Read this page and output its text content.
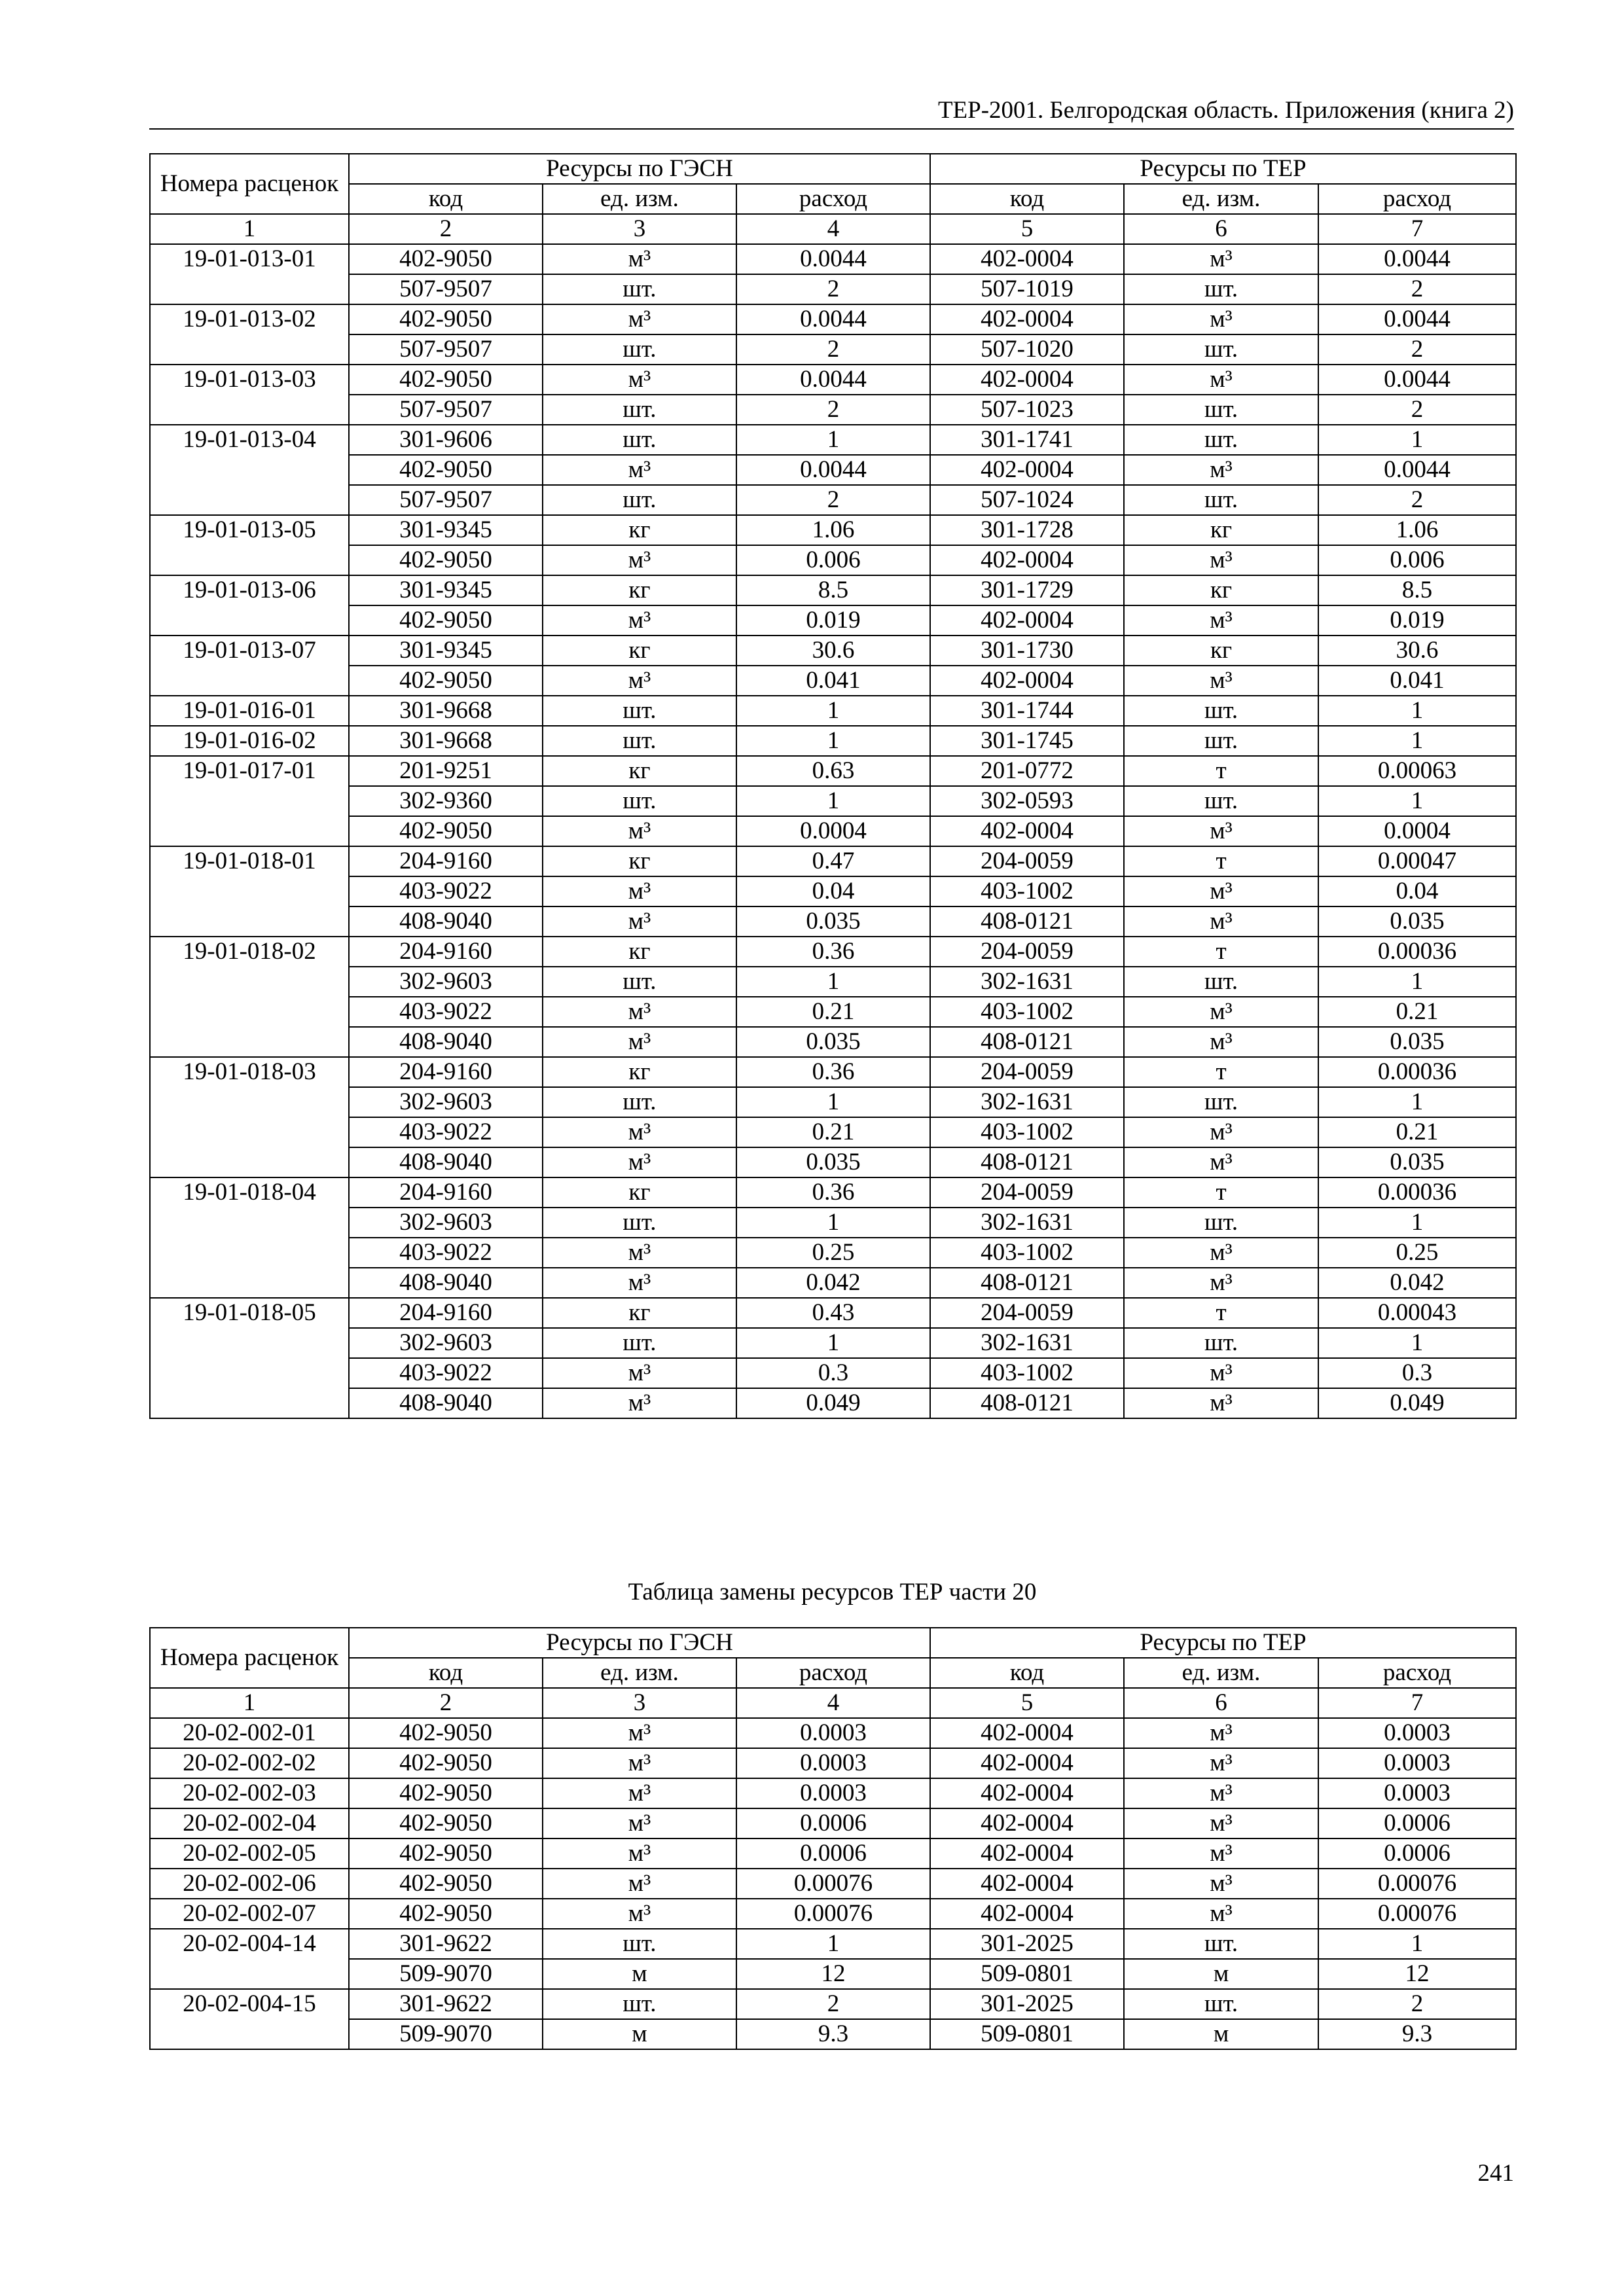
ТЕР-2001. Белгородская область. Приложения (книга 2)
Номера расценок	Ресурсы по ГЭСН			Ресурсы по ТЕР		
	код	ед. изм.	расход	код	ед. изм.	расход
1	2	3	4	5	6	7
19-01-013-01	402-9050	м³	0.0044	402-0004	м³	0.0044
	507-9507	шт.	2	507-1019	шт.	2
19-01-013-02	402-9050	м³	0.0044	402-0004	м³	0.0044
	507-9507	шт.	2	507-1020	шт.	2
19-01-013-03	402-9050	м³	0.0044	402-0004	м³	0.0044
	507-9507	шт.	2	507-1023	шт.	2
19-01-013-04	301-9606	шт.	1	301-1741	шт.	1
	402-9050	м³	0.0044	402-0004	м³	0.0044
	507-9507	шт.	2	507-1024	шт.	2
19-01-013-05	301-9345	кг	1.06	301-1728	кг	1.06
	402-9050	м³	0.006	402-0004	м³	0.006
19-01-013-06	301-9345	кг	8.5	301-1729	кг	8.5
	402-9050	м³	0.019	402-0004	м³	0.019
19-01-013-07	301-9345	кг	30.6	301-1730	кг	30.6
	402-9050	м³	0.041	402-0004	м³	0.041
19-01-016-01	301-9668	шт.	1	301-1744	шт.	1
19-01-016-02	301-9668	шт.	1	301-1745	шт.	1
19-01-017-01	201-9251	кг	0.63	201-0772	т	0.00063
	302-9360	шт.	1	302-0593	шт.	1
	402-9050	м³	0.0004	402-0004	м³	0.0004
19-01-018-01	204-9160	кг	0.47	204-0059	т	0.00047
	403-9022	м³	0.04	403-1002	м³	0.04
	408-9040	м³	0.035	408-0121	м³	0.035
19-01-018-02	204-9160	кг	0.36	204-0059	т	0.00036
	302-9603	шт.	1	302-1631	шт.	1
	403-9022	м³	0.21	403-1002	м³	0.21
	408-9040	м³	0.035	408-0121	м³	0.035
19-01-018-03	204-9160	кг	0.36	204-0059	т	0.00036
	302-9603	шт.	1	302-1631	шт.	1
	403-9022	м³	0.21	403-1002	м³	0.21
	408-9040	м³	0.035	408-0121	м³	0.035
19-01-018-04	204-9160	кг	0.36	204-0059	т	0.00036
	302-9603	шт.	1	302-1631	шт.	1
	403-9022	м³	0.25	403-1002	м³	0.25
	408-9040	м³	0.042	408-0121	м³	0.042
19-01-018-05	204-9160	кг	0.43	204-0059	т	0.00043
	302-9603	шт.	1	302-1631	шт.	1
	403-9022	м³	0.3	403-1002	м³	0.3
	408-9040	м³	0.049	408-0121	м³	0.049
Таблица замены ресурсов ТЕР части 20
Номера расценок	Ресурсы по ГЭСН			Ресурсы по ТЕР		
	код	ед. изм.	расход	код	ед. изм.	расход
1	2	3	4	5	6	7
20-02-002-01	402-9050	м³	0.0003	402-0004	м³	0.0003
20-02-002-02	402-9050	м³	0.0003	402-0004	м³	0.0003
20-02-002-03	402-9050	м³	0.0003	402-0004	м³	0.0003
20-02-002-04	402-9050	м³	0.0006	402-0004	м³	0.0006
20-02-002-05	402-9050	м³	0.0006	402-0004	м³	0.0006
20-02-002-06	402-9050	м³	0.00076	402-0004	м³	0.00076
20-02-002-07	402-9050	м³	0.00076	402-0004	м³	0.00076
20-02-004-14	301-9622	шт.	1	301-2025	шт.	1
	509-9070	м	12	509-0801	м	12
20-02-004-15	301-9622	шт.	2	301-2025	шт.	2
	509-9070	м	9.3	509-0801	м	9.3
241
